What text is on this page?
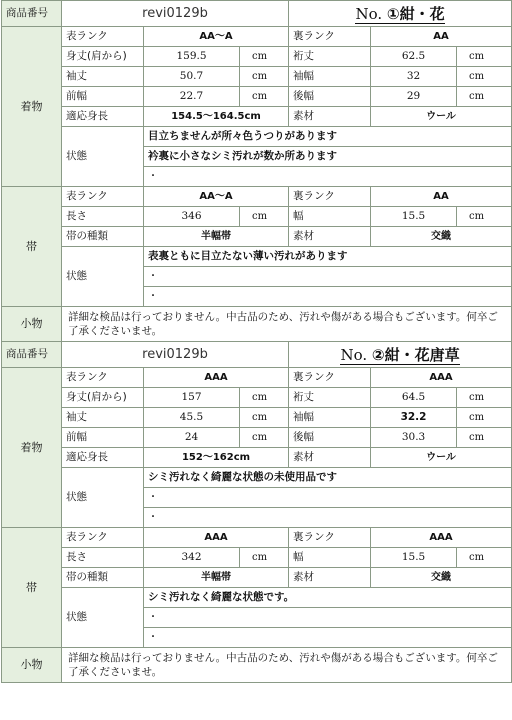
商品番号	revi0129b			No. ①紺・花		
着物	表ランク	AA～A		裏ランク	AA	
	身丈(肩から)	159.5	cm	裄丈	62.5	cm
	袖丈	50.7	cm	袖幅	32	cm
	前幅	22.7	cm	後幅	29	cm
	適応身長	154.5～164.5cm		素材	ウール	
	状態	目立ちませんが所々色うつりがあります				
		衿裏に小さなシミ汚れが数か所あります				
		・				
帯	表ランク	AA～A		裏ランク	AA	
	長さ	346	cm	幅	15.5	cm
	帯の種類	半幅帯		素材	交織	
	状態	表裏ともに目立たない薄い汚れがあります				
		・				
		・				
小物	詳細な検品は行っておりません。中古品のため、汚れや傷がある場合もございます。何卒ご了承くださいませ。					
商品番号	revi0129b			No. ②紺・花唐草		
着物	表ランク	AAA		裏ランク	AAA	
	身丈(肩から)	157	cm	裄丈	64.5	cm
	袖丈	45.5	cm	袖幅	32.2	cm
	前幅	24	cm	後幅	30.3	cm
	適応身長	152～162cm		素材	ウール	
	状態	シミ汚れなく綺麗な状態の未使用品です				
		・				
		・				
帯	表ランク	AAA		裏ランク	AAA	
	長さ	342	cm	幅	15.5	cm
	帯の種類	半幅帯		素材	交織	
	状態	シミ汚れなく綺麗な状態です。				
		・				
		・				
小物	詳細な検品は行っておりません。中古品のため、汚れや傷がある場合もございます。何卒ご了承くださいませ。					
